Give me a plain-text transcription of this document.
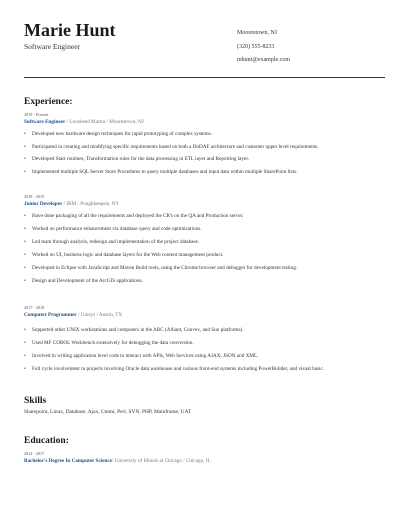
Marie Hunt
Software Engineer
Moorestown, NJ
(320) 555-8233
mhunt@example.com
Experience:
2019 - Present
Software Engineer / Lockheed Martin / Moorestown, NJ
• Developed new hardware design techniques for rapid prototyping of complex systems.
• Participated in creating and modifying specific requirements based on both a DoDAF architecture and customer upper level requirements.
• Developed Start routines, Transformation rules for the data processing in ETL layer and Reporting layer.
• Implemented multiple SQL Server Store Procedures to query multiple databases and input data within multiple SharePoint lists.
2018 - 2019
Junior Developer / IBM / Poughkeepsie, NY
• Have done packaging of all the requirements and deployed the CR's on the QA and Production server.
• Worked on performance enhancement via database query and code optimizations.
• Led team through analysis, redesign and implementation of the project database.
• Worked on UI, business logic and database layers for the Web content management product.
• Developed in Eclipse with JavaScript and Maven Build tools, using the Chrome browser and debugger for development testing.
• Design and Development of the ArcGIS applications.
2017 - 2018
Computer Programmer / Unisys / Austin, TX
• Supported other UNIX workstations and computers in the ARC (Alliant, Convex, and Sun platforms).
• Used MF COBOL Workbench extensively for debugging the data conversion.
• Involved in writing application level code to interact with APIs, Web Services using AJAX, JSON and XML.
• Full cycle involvement in projects involving Oracle data warehouse and various front-end systems including PowerBuilder, and visual basic.
Skills
Sharepoint, Linux, Database, Ajax, Cmmi, Perl, SVN, PHP, Mainframe, UAT
Education:
2014 - 2017
Bachelor's Degree In Computer Science/ University of Illinois at Chicago / Chicago, IL
